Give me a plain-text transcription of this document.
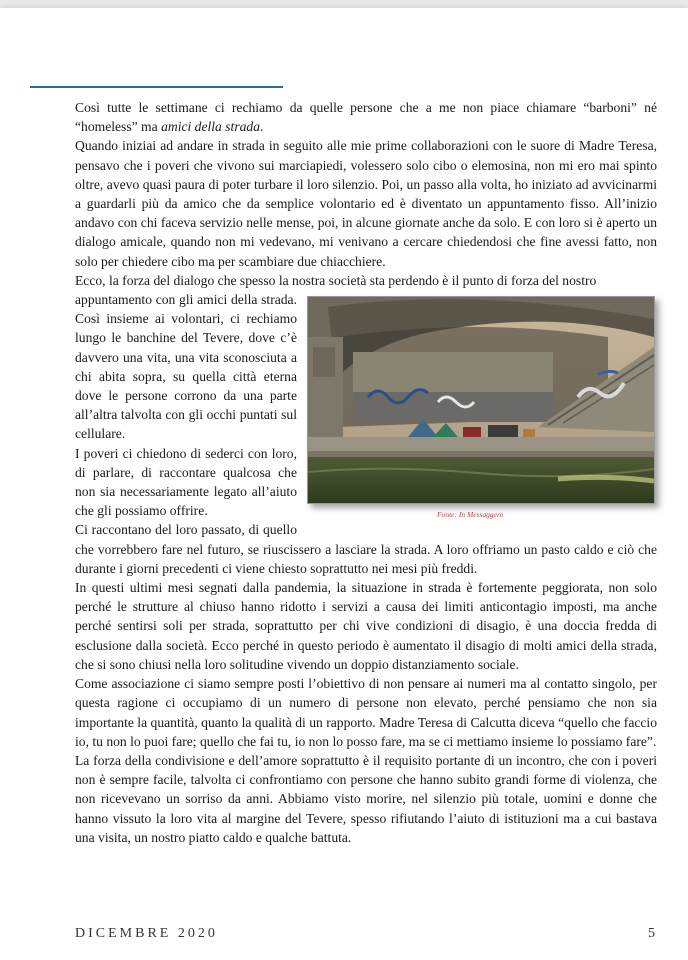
Così tutte le settimane ci rechiamo da quelle persone che a me non piace chiamare “barboni” né “homeless” ma amici della strada.

Quando iniziai ad andare in strada in seguito alle mie prime collaborazioni con le suore di Madre Teresa, pensavo che i poveri che vivono sui marciapiedi, volessero solo cibo o elemosina, non mi ero mai spinto oltre, avevo quasi paura di poter turbare il loro silenzio. Poi, un passo alla volta, ho iniziato ad avvicinarmi a guardarli più da amico che da semplice volontario ed è diventato un appuntamento fisso. All’inizio andavo con chi faceva servizio nelle mense, poi, in alcune giornate anche da solo. E con loro si è aperto un dialogo amicale, quando non mi vedevano, mi venivano a cercare chiedendosi che fine avessi fatto, non solo per chiedere cibo ma per scambiare due chiacchiere.

Ecco, la forza del dialogo che spesso la nostra società sta perdendo è il punto di forza del nostro

Fonte: In Messaggero

appuntamento con gli amici della strada. Così insieme ai volontari, ci rechiamo lungo le banchine del Tevere, dove c’è davvero una vita, una vita sconosciuta a chi abita sopra, su quella città eterna dove le persone corrono da una parte all’altra talvolta con gli occhi puntati sul cellulare.

I poveri ci chiedono di sederci con loro, di parlare, di raccontare qualcosa che non sia necessariamente legato all’aiuto che gli possiamo offrire.

Ci raccontano del loro passato, di quello che vorrebbero fare nel futuro, se riuscissero a lasciare la strada. A loro offriamo un pasto caldo e ciò che durante i giorni precedenti ci viene chiesto soprattutto nei mesi più freddi.

In questi ultimi mesi segnati dalla pandemia, la situazione in strada è fortemente peggiorata, non solo perché le strutture al chiuso hanno ridotto i servizi a causa dei limiti anticontagio imposti, ma anche perché sentirsi soli per strada, soprattutto per chi vive condizioni di disagio, è una doccia fredda di esclusione dalla società. Ecco perché in questo periodo è aumentato il disagio di molti amici della strada, che si sono chiusi nella loro solitudine vivendo un doppio distanziamento sociale.

Come associazione ci siamo sempre posti l’obiettivo di non pensare ai numeri ma al contatto singolo, per questa ragione ci occupiamo di un numero di persone non elevato, perché pensiamo che non sia importante la quantità, quanto la qualità di un rapporto. Madre Teresa di Calcutta diceva “quello che faccio io, tu non lo puoi fare; quello che fai tu, io non lo posso fare, ma se ci mettiamo insieme lo possiamo fare”.

La forza della condivisione e dell’amore soprattutto è il requisito portante di un incontro, che con i poveri non è sempre facile, talvolta ci confrontiamo con persone che hanno subito grandi forme di violenza, che non ricevevano un sorriso da anni. Abbiamo visto morire, nel silenzio più totale, uomini e donne che hanno vissuto la loro vita al margine del Tevere, spesso rifiutando l’aiuto di istituzioni ma a cui bastava una visita, un nostro piatto caldo e qualche battuta.

DICEMBRE 2020	5
